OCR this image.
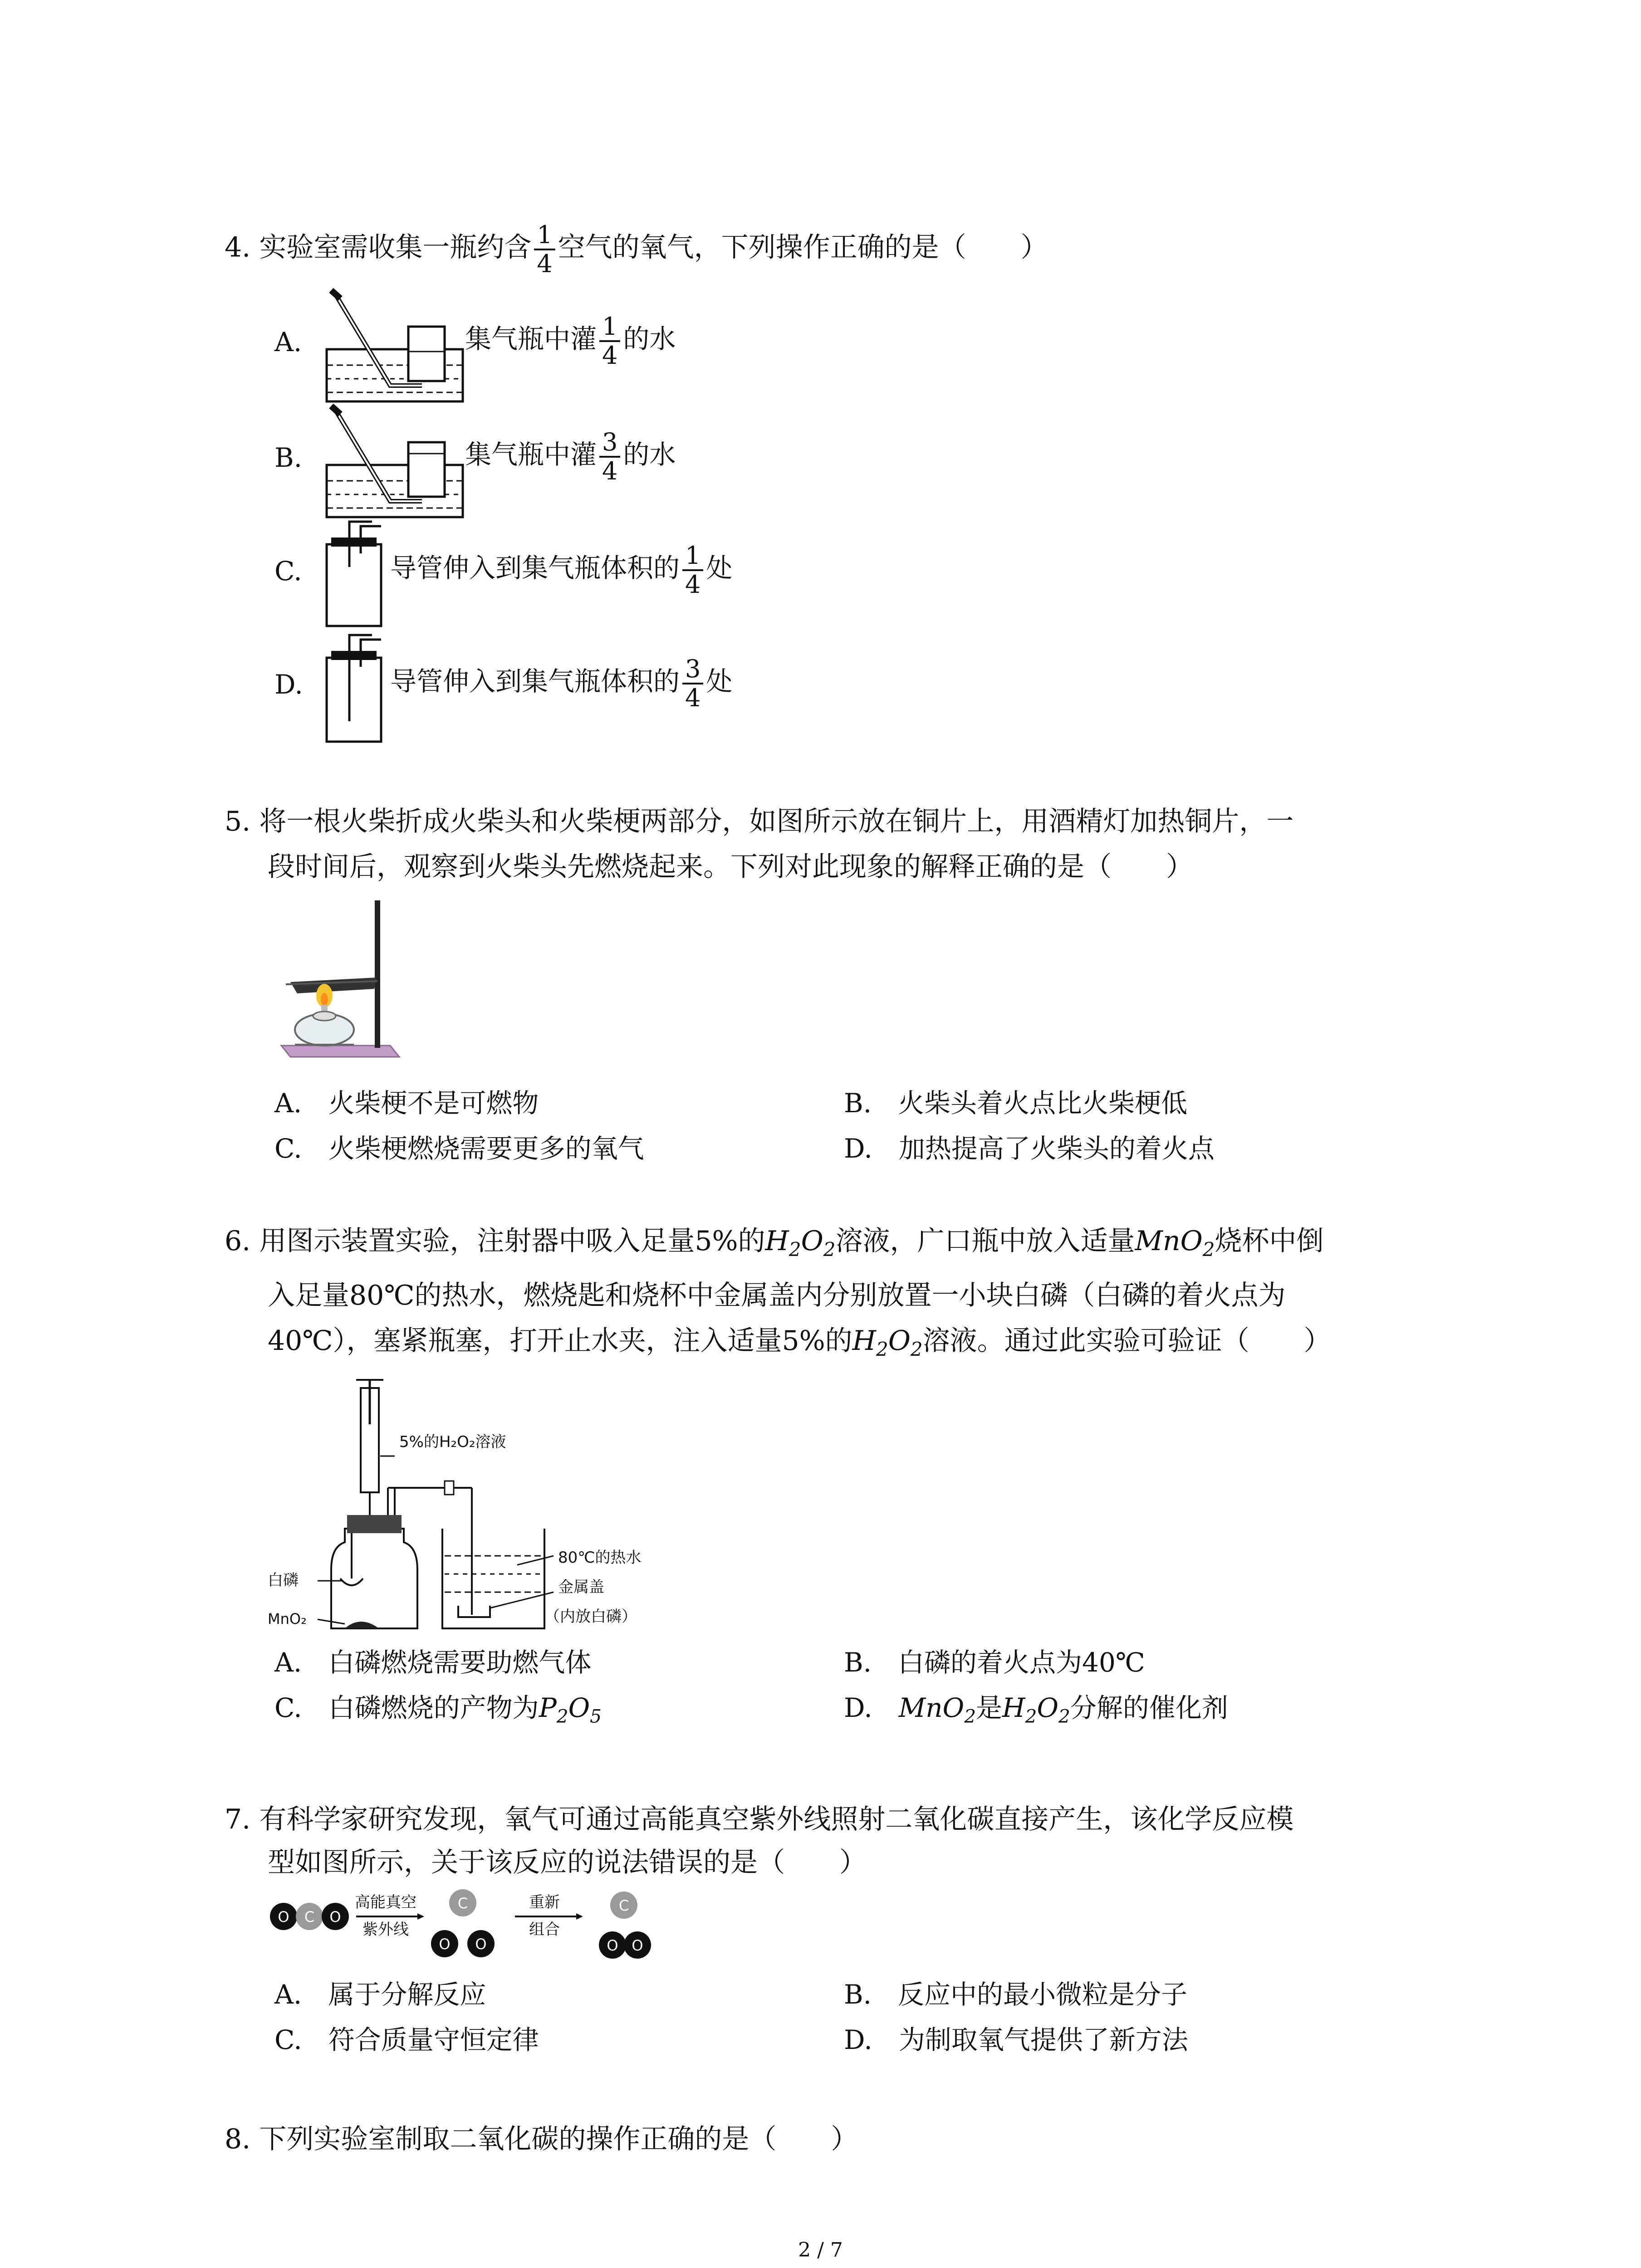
4. 实验室需收集一瓶约含 $\frac{1}{4}$ 空气的氧气，下列操作正确的是（　　）
A.	集气瓶中灌 $\frac{1}{4}$ 的水
B.	集气瓶中灌 $\frac{3}{4}$ 的水
C.	导管伸入到集气瓶体积的 $\frac{1}{4}$ 处
D.	导管伸入到集气瓶体积的 $\frac{3}{4}$ 处
5. 将一根火柴折成火柴头和火柴梗两部分，如图所示放在铜片上，用酒精灯加热铜片，一
段时间后，观察到火柴头先燃烧起来。下列对此现象的解释正确的是（　　）
A.　火柴梗不是可燃物	B.　火柴头着火点比火柴梗低
C.　火柴梗燃烧需要更多的氧气	D.　加热提高了火柴头的着火点
6. 用图示装置实验，注射器中吸入足量5%的$H_2O_2$溶液，广口瓶中放入适量MnO$_2$烧杯中倒
入足量80℃的热水，燃烧匙和烧杯中金属盖内分别放置一小块白磷（白磷的着火点为
40℃），塞紧瓶塞，打开止水夹，注入适量5%的$H_2O_2$溶液。通过此实验可验证（　　）
5%的H₂O₂溶液
白磷
MnO₂
80℃的热水
金属盖
（内放白磷）
A.　白磷燃烧需要助燃气体	B.　白磷的着火点为40℃
C.　白磷燃烧的产物为$P_2O_5$	D.　 MnO$_2$是$H_2O_2$分解的催化剂
7. 有科学家研究发现，氧气可通过高能真空紫外线照射二氧化碳直接产生，该化学反应模
型如图所示，关于该反应的说法错误的是（　　）
O C O
高能真空
紫外线
C
O O
重新
组合
C
O O
A.　属于分解反应	B.　反应中的最小微粒是分子
C.　符合质量守恒定律	D.　为制取氧气提供了新方法
8. 下列实验室制取二氧化碳的操作正确的是（　　）
2 / 7
